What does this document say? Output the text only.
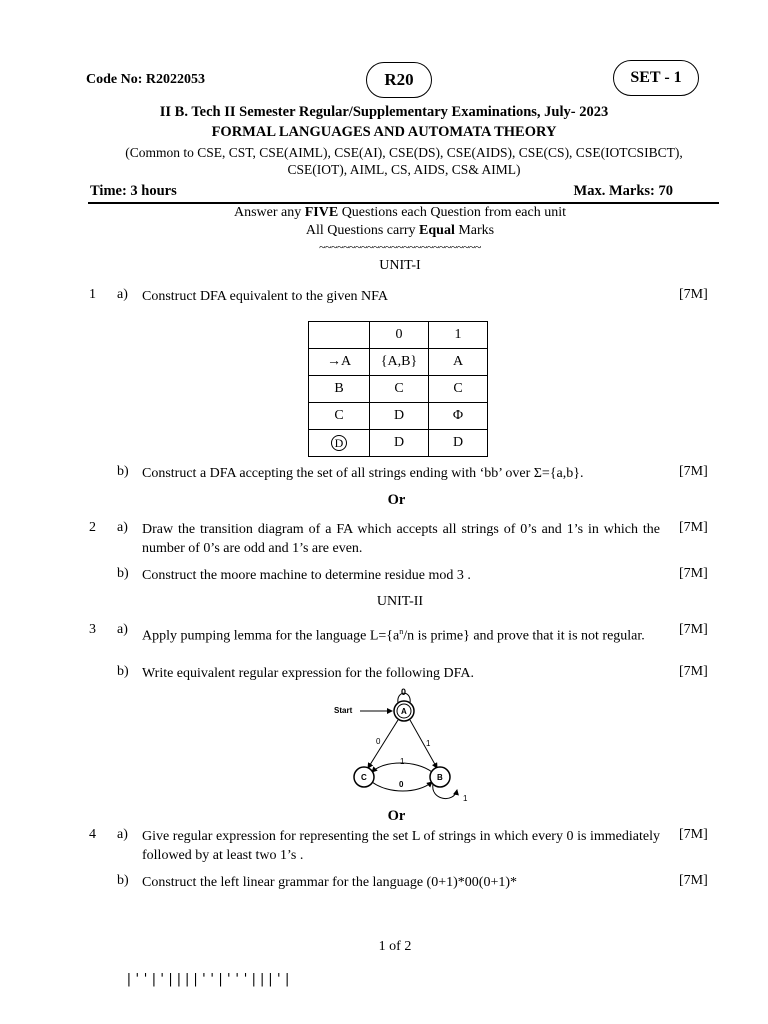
Code No: R2022053	R20	SET - 1
II B. Tech II Semester Regular/Supplementary Examinations, July- 2023
FORMAL LANGUAGES AND AUTOMATA THEORY
(Common to CSE, CST, CSE(AIML), CSE(AI), CSE(DS), CSE(AIDS), CSE(CS), CSE(IOTCSIBCT),
CSE(IOT), AIML, CS, AIDS, CS& AIML)
Time: 3 hours	Max. Marks: 70
Answer any FIVE Questions each Question from each unit
All Questions carry Equal Marks
~~~~~~~~~~~~~~~~~~~~~~~~~~~
UNIT-I
1 a) Construct DFA equivalent to the given NFA	[7M]
	0	1
→A	{A,B}	A
B	C	C
C	D	Φ
D	D	D
b) Construct a DFA accepting the set of all strings ending with ‘bb’ over Σ={a,b}.	[7M]
Or
2 a) Draw the transition diagram of a FA which accepts all strings of 0’s and 1’s in which the number of 0’s are odd and 1’s are even.
[7M]
b) Construct the moore machine to determine residue mod 3 .	[7M]
UNIT-II
3 a) Apply pumping lemma for the language $L=\{a^n/n$ is prime} and prove that it is not regular.	[7M]
b) Write equivalent regular expression for the following DFA.	[7M]
Start
0
A
0	1
1
0
C	B
1
Or
4 a) Give regular expression for representing the set L of strings in which every 0 is immediately followed by at least two 1’s .
[7M]
b) Construct the left linear grammar for the language (0+1)*00(0+1)*	[7M]
1 of 2
|''|'||||''|'''|||'|
